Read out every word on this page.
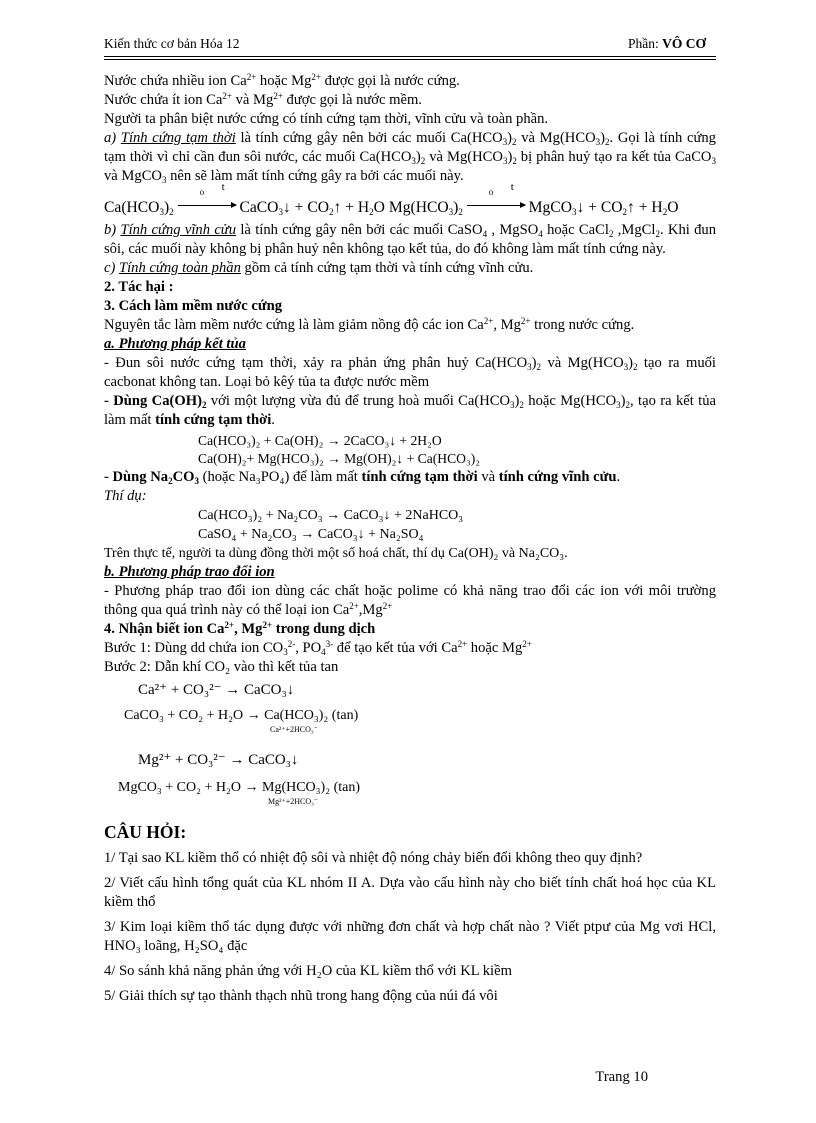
Kiến thức cơ bản Hóa 12	Phần: VÔ CƠ

Nước chứa nhiều ion $Ca^{2+}$ hoặc $Mg^{2+}$ được gọi là nước cứng.

Nước chứa ít ion $Ca^{2+}$ và $Mg^{2+}$ được gọi là nước mềm.

Người ta phân biệt nước cứng có tính cứng tạm thời, vĩnh cửu và toàn phần.

a) Tính cứng tạm thời là tính cứng gây nên bởi các muối $Ca(HCO_3)_2$ và $Mg(HCO_3)_2$. Gọi là tính cứng tạm thời vì chỉ cần đun sôi nước, các muối $Ca(HCO_3)_2$ và $Mg(HCO_3)_2$ bị phân huỷ tạo ra kết tủa CaCO$_3$ và MgCO$_3$ nên sẽ làm mất tính cứng gây ra bởi các muối này.

$Ca(HCO_3)_2$
t
$^o$
CaCO$_3$↓ + $CO_2↑ + H_2O$ $Mg(HCO_3)_2$
t
$^o$
MgCO$_3$↓ + $CO_2↑ + H_2O$

b) Tính cứng vĩnh cửu là tính cứng gây nên bởi các muối CaSO$_4$ , MgSO$_4$ hoặc CaCl$_2$ ,MgCl$_2$. Khi đun sôi, các muối này không bị phân huỷ nên không tạo kết tủa, do đó không làm mất tính cứng này.

c) Tính cứng toàn phần gồm cả tính cứng tạm thời và tính cứng vĩnh cửu.

2. Tác hại :

3. Cách làm mềm nước cứng

Nguyên tắc làm mềm nước cứng là làm giảm nồng độ các ion $Ca^{2+}$, $Mg^{2+}$ trong nước cứng.

a. Phương pháp kết tủa

- Đun sôi nước cứng tạm thời, xảy ra phản ứng phân huỷ $Ca(HCO_3)_2$ và $Mg(HCO_3)_2$ tạo ra muối cacbonat không tan. Loại bỏ kêý tủa ta được nước mềm

- Dùng $Ca(OH)_2$ với một lượng vừa đủ để trung hoà muối $Ca(HCO_3)_2$ hoặc $Mg(HCO_3)_2$, tạo ra kết tủa làm mất tính cứng tạm thời.

Ca(HCO₃)₂ + Ca(OH)₂ → 2CaCO₃↓ + 2H₂O
Ca(OH)₂+ Mg(HCO₃)₂ → Mg(OH)₂↓ + Ca(HCO₃)₂

- Dùng $Na_2CO_3$ (hoặc Na₃PO₄) để làm mất tính cứng tạm thời và tính cứng vĩnh cửu.

Thí dụ:

Ca(HCO₃)₂ + Na₂CO₃ → CaCO₃↓ + 2NaHCO₃
CaSO₄ + Na₂CO₃ → CaCO₃↓ + Na₂SO₄

Trên thực tế, người ta dùng đồng thời một số hoá chất, thí dụ Ca(OH)₂ và Na₂CO₃.

b. Phương pháp trao đổi ion

- Phương pháp trao đổi ion dùng các chất hoặc polime có khả năng trao đổi các ion với môi trường thông qua quá trình này có thể loại ion $Ca^{2+},Mg^{2+}$

4. Nhận biết ion $Ca^{2+}$, $Mg^{2+}$ trong dung dịch

Bước 1: Dùng dd chứa ion $CO_3^{2-}$, $PO_4^{3-}$ để tạo kết tủa với $Ca^{2+}$ hoặc $Mg^{2+}$

Bước 2: Dẫn khí CO₂ vào thì kết tủa tan

Ca²⁺ + CO₃²⁻ → CaCO₃↓
CaCO₃ + CO₂ + H₂O → Ca(HCO₃)₂ (tan)
Ca²⁺+2HCO₃⁻
Mg²⁺ + CO₃²⁻ → CaCO₃↓
MgCO₃ + CO₂ + H₂O → Mg(HCO₃)₂ (tan)
Mg²⁺+2HCO₃⁻
CÂU HỎI:

1/ Tại sao KL kiềm thổ có nhiệt độ sôi và nhiệt độ nóng chảy biến đổi không theo quy định?

2/ Viết cấu hình tổng quát của KL nhóm II A. Dựa vào cấu hình này cho biết tính chất hoá học của KL kiềm thổ

3/ Kim loại kiềm thổ tác dụng được với những đơn chất và hợp chất nào ? Viết ptpư của Mg vơi HCl, HNO₃ loãng, H₂SO₄ đặc

4/ So sánh khả năng phản ứng với H₂O của KL kiềm thổ với KL kiềm

5/ Giải thích sự tạo thành thạch nhũ trong hang động của núi đá vôi

Trang 10
